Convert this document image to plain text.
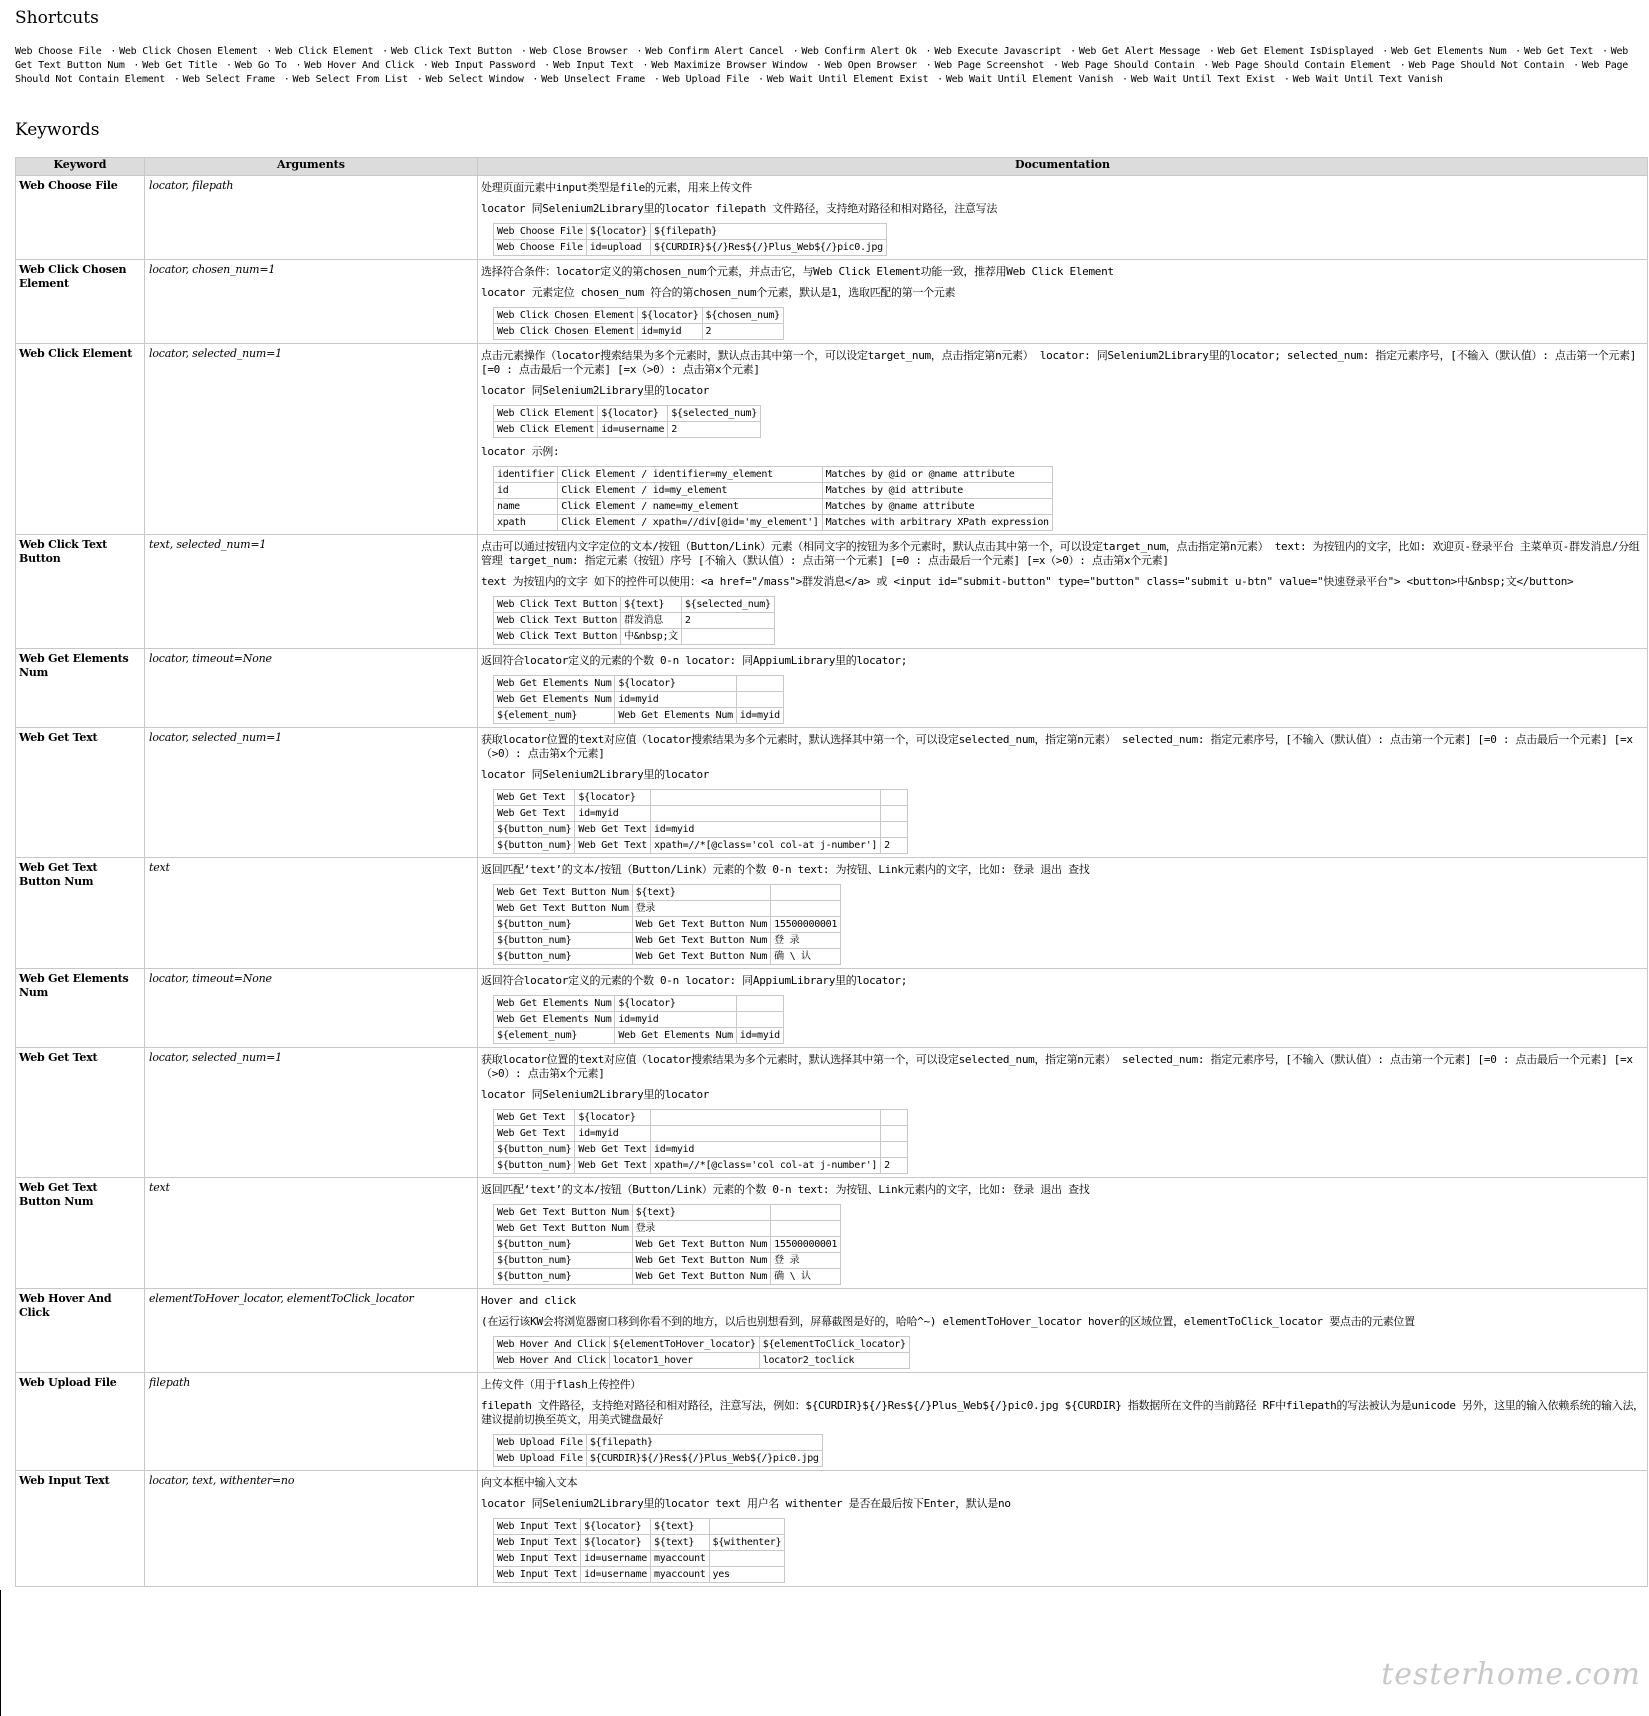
Shortcuts
Web Choose File · Web Click Chosen Element · Web Click Element · Web Click Text Button · Web Close Browser · Web Confirm Alert Cancel · Web Confirm Alert Ok · Web Execute Javascript · Web Get Alert Message · Web Get Element IsDisplayed · Web Get Elements Num · Web Get Text · Web Get Text Button Num · Web Get Title · Web Go To · Web Hover And Click · Web Input Password · Web Input Text · Web Maximize Browser Window · Web Open Browser · Web Page Screenshot · Web Page Should Contain · Web Page Should Contain Element · Web Page Should Not Contain · Web Page Should Not Contain Element · Web Select Frame · Web Select From List · Web Select Window · Web Unselect Frame · Web Upload File · Web Wait Until Element Exist · Web Wait Until Element Vanish · Web Wait Until Text Exist · Web Wait Until Text Vanish
Keywords
Keyword	Arguments	Documentation
Web Choose File	locator, filepath	处理页面元素中input类型是file的元素，用来上传文件

locator 同Selenium2Library里的locator filepath 文件路径，支持绝对路径和相对路径，注意写法

Web Choose File	${locator}	${filepath}
Web Choose File	id=upload	${CURDIR}${/}Res${/}Plus_Web${/}pic0.jpg

Web Click Chosen Element	locator, chosen_num=1	选择符合条件：locator定义的第chosen_num个元素，并点击它，与Web Click Element功能一致，推荐用Web Click Element

locator 元素定位 chosen_num 符合的第chosen_num个元素，默认是1，选取匹配的第一个元素

Web Click Chosen Element	${locator}	${chosen_num}
Web Click Chosen Element	id=myid	2

Web Click Element	locator, selected_num=1	点击元素操作（locator搜索结果为多个元素时，默认点击其中第一个，可以设定target_num，点击指定第n元素） locator: 同Selenium2Library里的locator; selected_num: 指定元素序号，[不输入（默认值）: 点击第一个元素] [=0 : 点击最后一个元素] [=x（>0）: 点击第x个元素]

locator 同Selenium2Library里的locator

Web Click Element	${locator}	${selected_num}
Web Click Element	id=username	2

locator 示例:

identifier	Click Element / identifier=my_element	Matches by @id or @name attribute
id	Click Element / id=my_element	Matches by @id attribute
name	Click Element / name=my_element	Matches by @name attribute
xpath	Click Element / xpath=//div[@id='my_element']	Matches with arbitrary XPath expression

Web Click Text Button	text, selected_num=1	点击可以通过按钮内文字定位的文本/按钮（Button/Link）元素（相同文字的按钮为多个元素时，默认点击其中第一个，可以设定target_num，点击指定第n元素） text: 为按钮内的文字，比如: 欢迎页-登录平台 主菜单页-群发消息/分组管理 target_num: 指定元素（按钮）序号 [不输入（默认值）: 点击第一个元素] [=0 : 点击最后一个元素] [=x（>0）: 点击第x个元素]

text 为按钮内的文字 如下的控件可以使用：<a href="/mass">群发消息</a> 或 <input id="submit-button" type="button" class="submit u-btn" value="快速登录平台"> <button>中&nbsp;文</button>

Web Click Text Button	${text}	${selected_num}
Web Click Text Button	群发消息	2
Web Click Text Button	中&nbsp;文	

Web Get Elements Num	locator, timeout=None	返回符合locator定义的元素的个数 0-n locator: 同AppiumLibrary里的locator;

Web Get Elements Num	${locator}	
Web Get Elements Num	id=myid	
${element_num}	Web Get Elements Num	id=myid

Web Get Text	locator, selected_num=1	获取locator位置的text对应值（locator搜索结果为多个元素时，默认选择其中第一个，可以设定selected_num，指定第n元素） selected_num: 指定元素序号，[不输入（默认值）: 点击第一个元素] [=0 : 点击最后一个元素] [=x（>0）: 点击第x个元素]

locator 同Selenium2Library里的locator

Web Get Text	${locator}		
Web Get Text	id=myid		
${button_num}	Web Get Text	id=myid	
${button_num}	Web Get Text	xpath=//*[@class='col col-at j-number']	2

Web Get Text Button Num	text	返回匹配‘text’的文本/按钮（Button/Link）元素的个数 0-n text: 为按钮、Link元素内的文字，比如: 登录 退出 查找

Web Get Text Button Num	${text}	
Web Get Text Button Num	登录	
${button_num}	Web Get Text Button Num	15500000001
${button_num}	Web Get Text Button Num	登 录
${button_num}	Web Get Text Button Num	确 \ 认

Web Get Elements Num	locator, timeout=None	返回符合locator定义的元素的个数 0-n locator: 同AppiumLibrary里的locator;

Web Get Elements Num	${locator}	
Web Get Elements Num	id=myid	
${element_num}	Web Get Elements Num	id=myid

Web Get Text	locator, selected_num=1	获取locator位置的text对应值（locator搜索结果为多个元素时，默认选择其中第一个，可以设定selected_num，指定第n元素） selected_num: 指定元素序号，[不输入（默认值）: 点击第一个元素] [=0 : 点击最后一个元素] [=x（>0）: 点击第x个元素]

locator 同Selenium2Library里的locator

Web Get Text	${locator}		
Web Get Text	id=myid		
${button_num}	Web Get Text	id=myid	
${button_num}	Web Get Text	xpath=//*[@class='col col-at j-number']	2

Web Get Text Button Num	text	返回匹配‘text’的文本/按钮（Button/Link）元素的个数 0-n text: 为按钮、Link元素内的文字，比如: 登录 退出 查找

Web Get Text Button Num	${text}	
Web Get Text Button Num	登录	
${button_num}	Web Get Text Button Num	15500000001
${button_num}	Web Get Text Button Num	登 录
${button_num}	Web Get Text Button Num	确 \ 认

Web Hover And Click	elementToHover_locator, elementToClick_locator	Hover and click

(在运行该KW会将浏览器窗口移到你看不到的地方，以后也别想看到，屏幕截图是好的，哈哈^~) elementToHover_locator hover的区域位置，elementToClick_locator 要点击的元素位置

Web Hover And Click	${elementToHover_locator}	${elementToClick_locator}
Web Hover And Click	locator1_hover	locator2_toclick

Web Upload File	filepath	上传文件（用于flash上传控件）

filepath 文件路径，支持绝对路径和相对路径，注意写法，例如：${CURDIR}${/}Res${/}Plus_Web${/}pic0.jpg ${CURDIR} 指数据所在文件的当前路径 RF中filepath的写法被认为是unicode 另外，这里的输入依赖系统的输入法，建议提前切换至英文，用美式键盘最好

Web Upload File	${filepath}
Web Upload File	${CURDIR}${/}Res${/}Plus_Web${/}pic0.jpg

Web Input Text	locator, text, withenter=no	向文本框中输入文本

locator 同Selenium2Library里的locator text 用户名 withenter 是否在最后按下Enter，默认是no

Web Input Text	${locator}	${text}	
Web Input Text	${locator}	${text}	${withenter}
Web Input Text	id=username	myaccount	
Web Input Text	id=username	myaccount	yes
testerhome.com
